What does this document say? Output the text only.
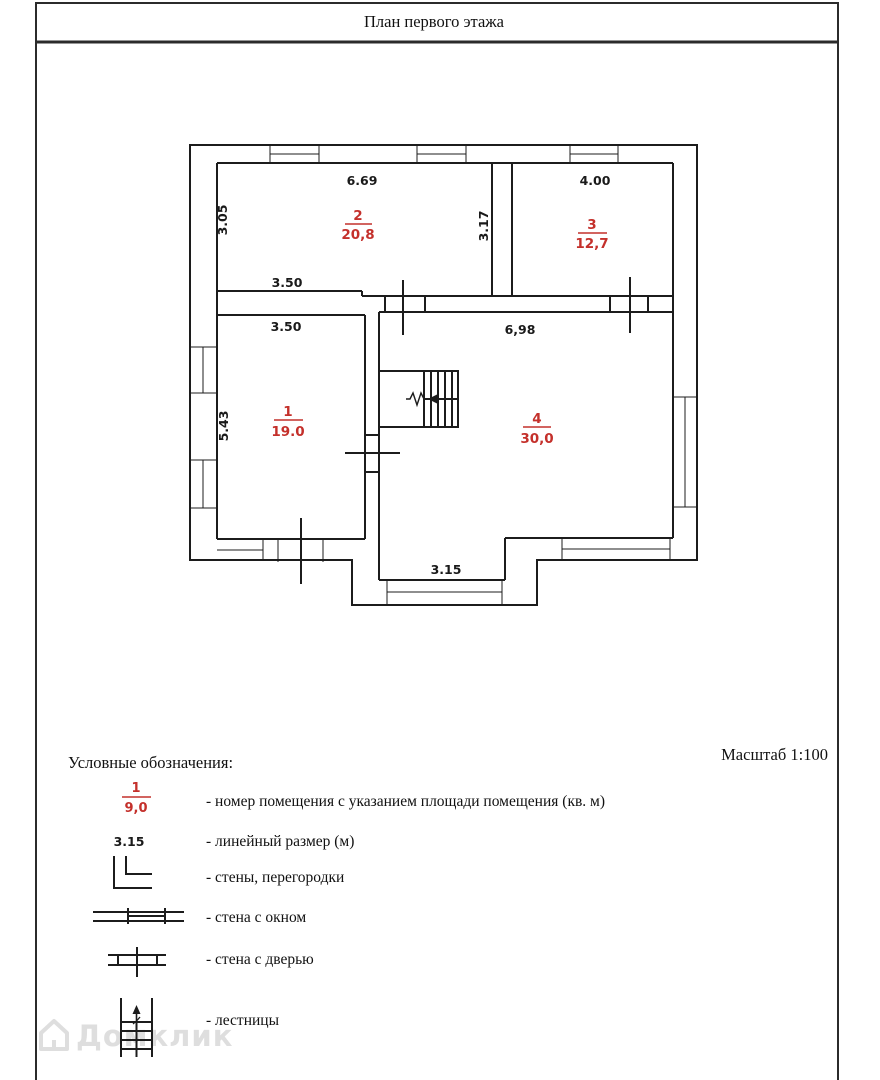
План первого этажа
6.69	4.00
3.05	3.17
3.50
3.50	6,98
5.43
3.15
2
20,8
3
12,7
1
19.0
4
30,0
Условные обозначения:	Масштаб 1:100
1
9,0	- номер помещения с указанием площади помещения (кв. м)
3.15	- линейный размер (м)
- стены, перегородки
- стена с окном
- стена с дверью
Домклик
- лестницы
